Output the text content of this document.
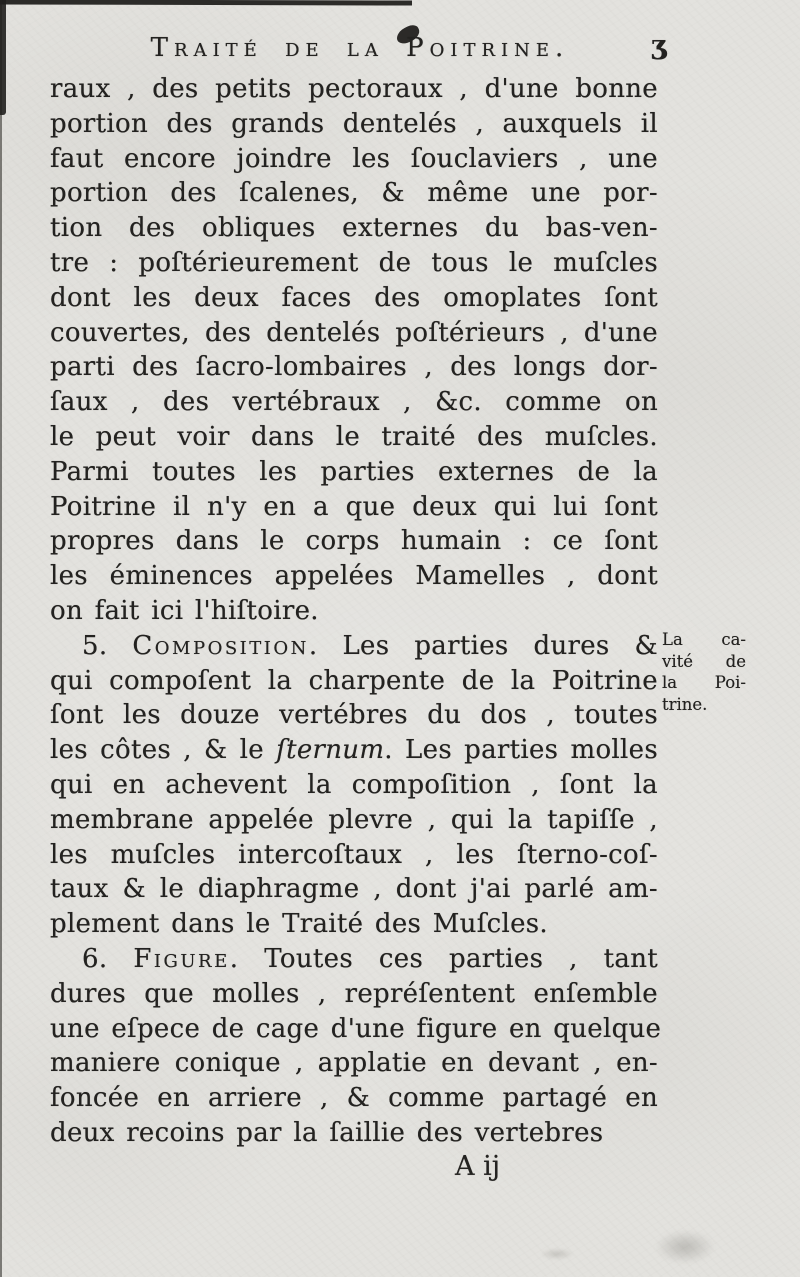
Traité de la Poitrine.	ʒ
raux , des petits pectoraux , d'une bonne
portion des grands dentelés , auxquels il
faut encore joindre les ſouclaviers , une
portion des ſcalenes, & même une por-
tion des obliques externes du bas-ven-
tre : poſtérieurement de tous le muſcles
dont les deux faces des omoplates ſont
couvertes, des dentelés poſtérieurs , d'une
parti des ſacro-lombaires , des longs dor-
ſaux , des vertébraux , &c. comme on
le peut voir dans le traité des muſcles.
Parmi toutes les parties externes de la
Poitrine il n'y en a que deux qui lui ſont
propres dans le corps humain : ce ſont
les éminences appelées Mamelles , dont
on fait ici l'hiſtoire.
5. Composition. Les parties dures &
qui compoſent la charpente de la Poitrine
ſont les douze vertébres du dos , toutes
les côtes , & le ſternum. Les parties molles
qui en achevent la compoſition , ſont la
membrane appelée plevre , qui la tapiſſe ,
les muſcles intercoſtaux , les ſterno-coſ-
taux & le diaphragme , dont j'ai parlé am-
plement dans le Traité des Muſcles.
6. Figure. Toutes ces parties , tant
dures que molles , repréſentent enſemble
une eſpece de cage d'une figure en quelque
maniere conique , applatie en devant , en-
foncée en arriere , & comme partagé en
deux recoins par la ſaillie des vertebres
La ca-
vité de
la Poi-
trine.
A ij
